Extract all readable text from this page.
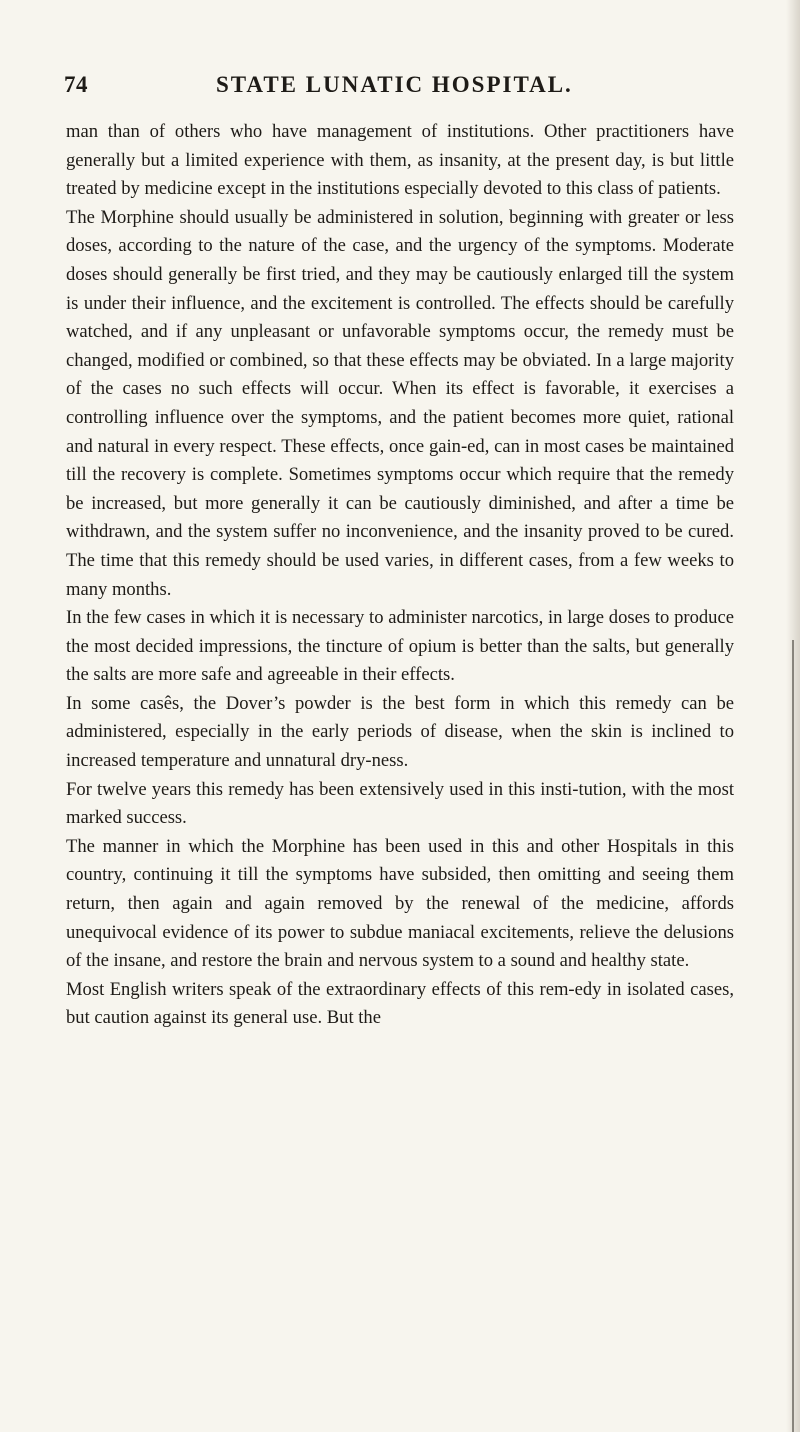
74	STATE LUNATIC HOSPITAL.

man than of others who have management of institutions. Other practitioners have generally but a limited experience with them, as insanity, at the present day, is but little treated by medicine except in the institutions especially devoted to this class of patients.

The Morphine should usually be administered in solution, beginning with greater or less doses, according to the nature of the case, and the urgency of the symptoms. Moderate doses should generally be first tried, and they may be cautiously enlarged till the system is under their influence, and the excitement is controlled. The effects should be carefully watched, and if any unpleasant or unfavorable symptoms occur, the remedy must be changed, modified or combined, so that these effects may be obviated. In a large majority of the cases no such effects will occur. When its effect is favorable, it exercises a controlling influence over the symptoms, and the patient becomes more quiet, rational and natural in every respect. These effects, once gain-ed, can in most cases be maintained till the recovery is complete. Sometimes symptoms occur which require that the remedy be increased, but more generally it can be cautiously diminished, and after a time be withdrawn, and the system suffer no inconvenience, and the insanity proved to be cured. The time that this remedy should be used varies, in different cases, from a few weeks to many months.

In the few cases in which it is necessary to administer narcotics, in large doses to produce the most decided impressions, the tincture of opium is better than the salts, but generally the salts are more safe and agreeable in their effects.

In some casês, the Dover’s powder is the best form in which this remedy can be administered, especially in the early periods of disease, when the skin is inclined to increased temperature and unnatural dry-ness.

For twelve years this remedy has been extensively used in this insti-tution, with the most marked success.

The manner in which the Morphine has been used in this and other Hospitals in this country, continuing it till the symptoms have subsided, then omitting and seeing them return, then again and again removed by the renewal of the medicine, affords unequivocal evidence of its power to subdue maniacal excitements, relieve the delusions of the insane, and restore the brain and nervous system to a sound and healthy state.

Most English writers speak of the extraordinary effects of this rem-edy in isolated cases, but caution against its general use. But the
